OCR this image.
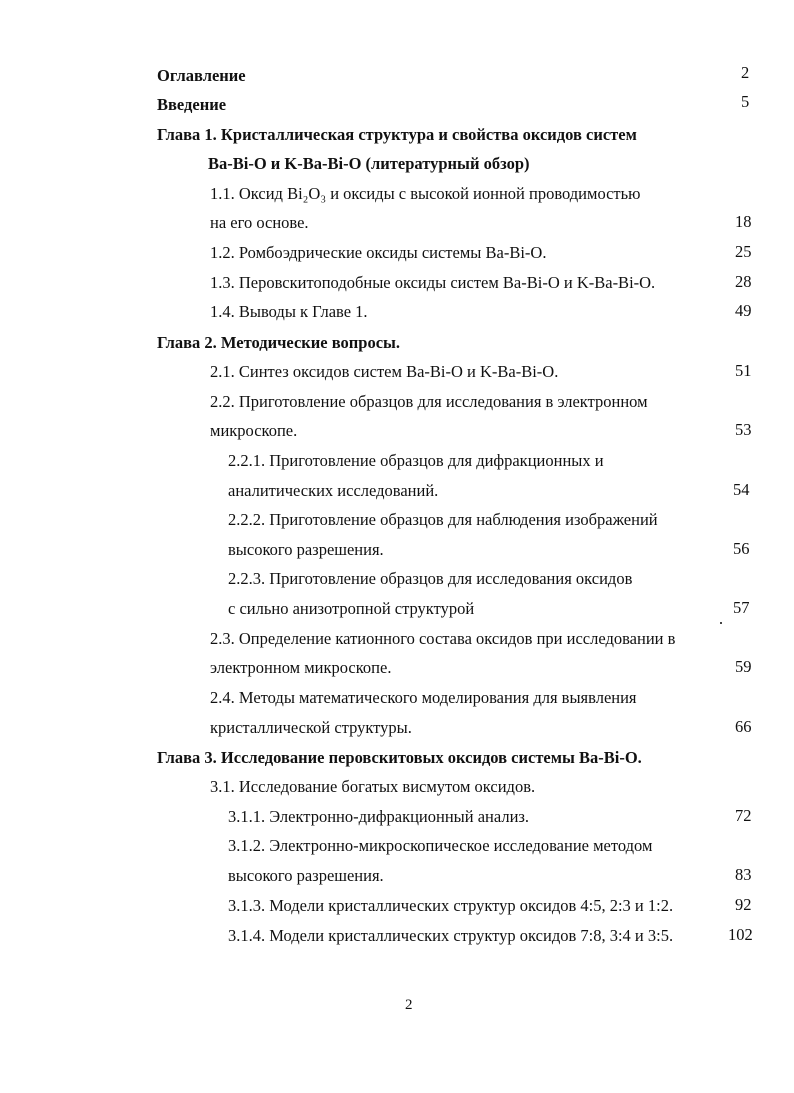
Оглавление	2
Введение	5
Глава 1. Кристаллическая структура и свойства оксидов систем
Ba-Bi-O и K-Ba-Bi-O (литературный обзор)
1.1. Оксид Bi₂O₃ и оксиды с высокой ионной проводимостью
на его основе.	18
1.2. Ромбоэдрические оксиды системы Ba-Bi-O.	25
1.3. Перовскитоподобные оксиды систем Ba-Bi-O и K-Ba-Bi-O.	28
1.4. Выводы к Главе 1.	49
Глава 2. Методические вопросы.
2.1. Синтез оксидов систем Ba-Bi-O и K-Ba-Bi-O.	51
2.2. Приготовление образцов для исследования в электронном
микроскопе.	53
2.2.1. Приготовление образцов для дифракционных и
аналитических исследований.	54
2.2.2. Приготовление образцов для наблюдения изображений
высокого разрешения.	56
2.2.3. Приготовление образцов для исследования оксидов
с сильно анизотропной структурой	57
2.3. Определение катионного состава оксидов при исследовании в
электронном микроскопе.	59
2.4. Методы математического моделирования для выявления
кристаллической структуры.	66
Глава 3. Исследование перовскитовых оксидов системы Ba-Bi-O.
3.1. Исследование богатых висмутом оксидов.
3.1.1. Электронно-дифракционный анализ.	72
3.1.2. Электронно-микроскопическое исследование методом
высокого разрешения.	83
3.1.3. Модели кристаллических структур оксидов 4:5, 2:3 и 1:2.	92
3.1.4. Модели кристаллических структур оксидов 7:8, 3:4 и 3:5.	102
2
